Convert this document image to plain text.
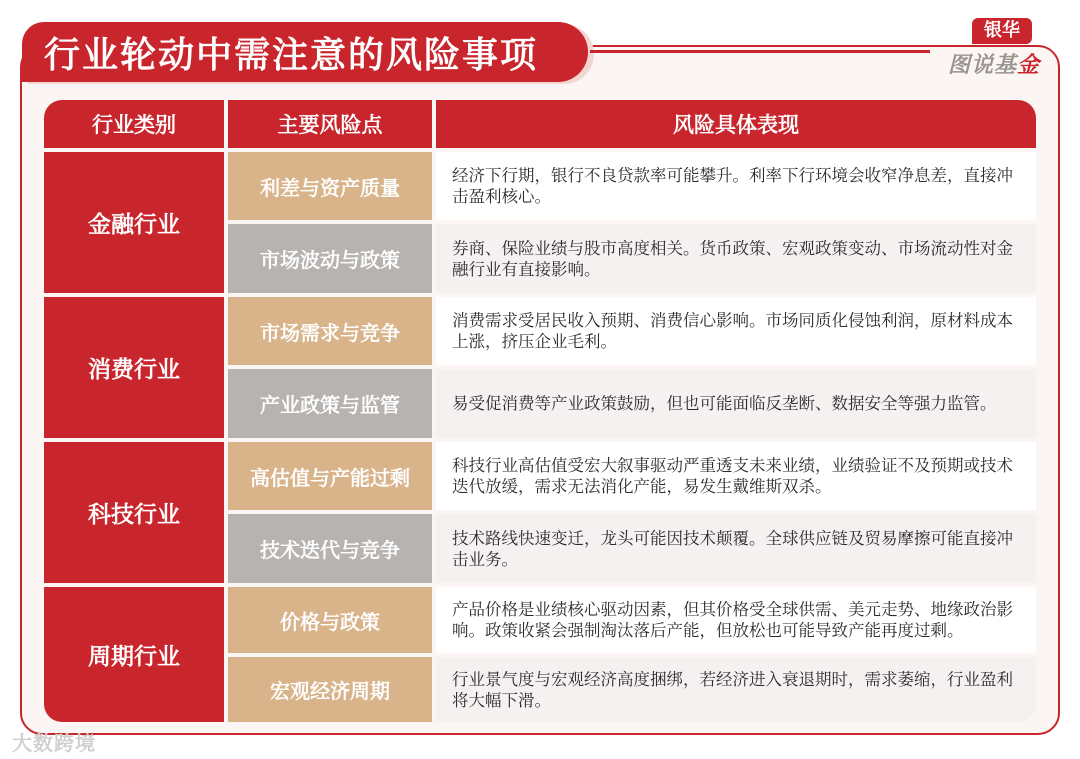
行业轮动中需注意的风险事项
银华
图说基金
行业类别	主要风险点	风险具体表现
金融行业
消费行业
科技行业
周期行业
利差与资产质量
市场波动与政策
市场需求与竞争
产业政策与监管
高估值与产能过剩
技术迭代与竞争
价格与政策
宏观经济周期
经济下行期，银行不良贷款率可能攀升。利率下行环境会收窄净息差，直接冲击盈利核心。
券商、保险业绩与股市高度相关。货币政策、宏观政策变动、市场流动性对金融行业有直接影响。
消费需求受居民收入预期、消费信心影响。市场同质化侵蚀利润，原材料成本上涨，挤压企业毛利。
易受促消费等产业政策鼓励，但也可能面临反垄断、数据安全等强力监管。
科技行业高估值受宏大叙事驱动严重透支未来业绩，业绩验证不及预期或技术迭代放缓，需求无法消化产能，易发生戴维斯双杀。
技术路线快速变迁，龙头可能因技术颠覆。全球供应链及贸易摩擦可能直接冲击业务。
产品价格是业绩核心驱动因素，但其价格受全球供需、美元走势、地缘政治影响。政策收紧会强制淘汰落后产能，但放松也可能导致产能再度过剩。
行业景气度与宏观经济高度捆绑，若经济进入衰退期时，需求萎缩，行业盈利将大幅下滑。
大数跨境
